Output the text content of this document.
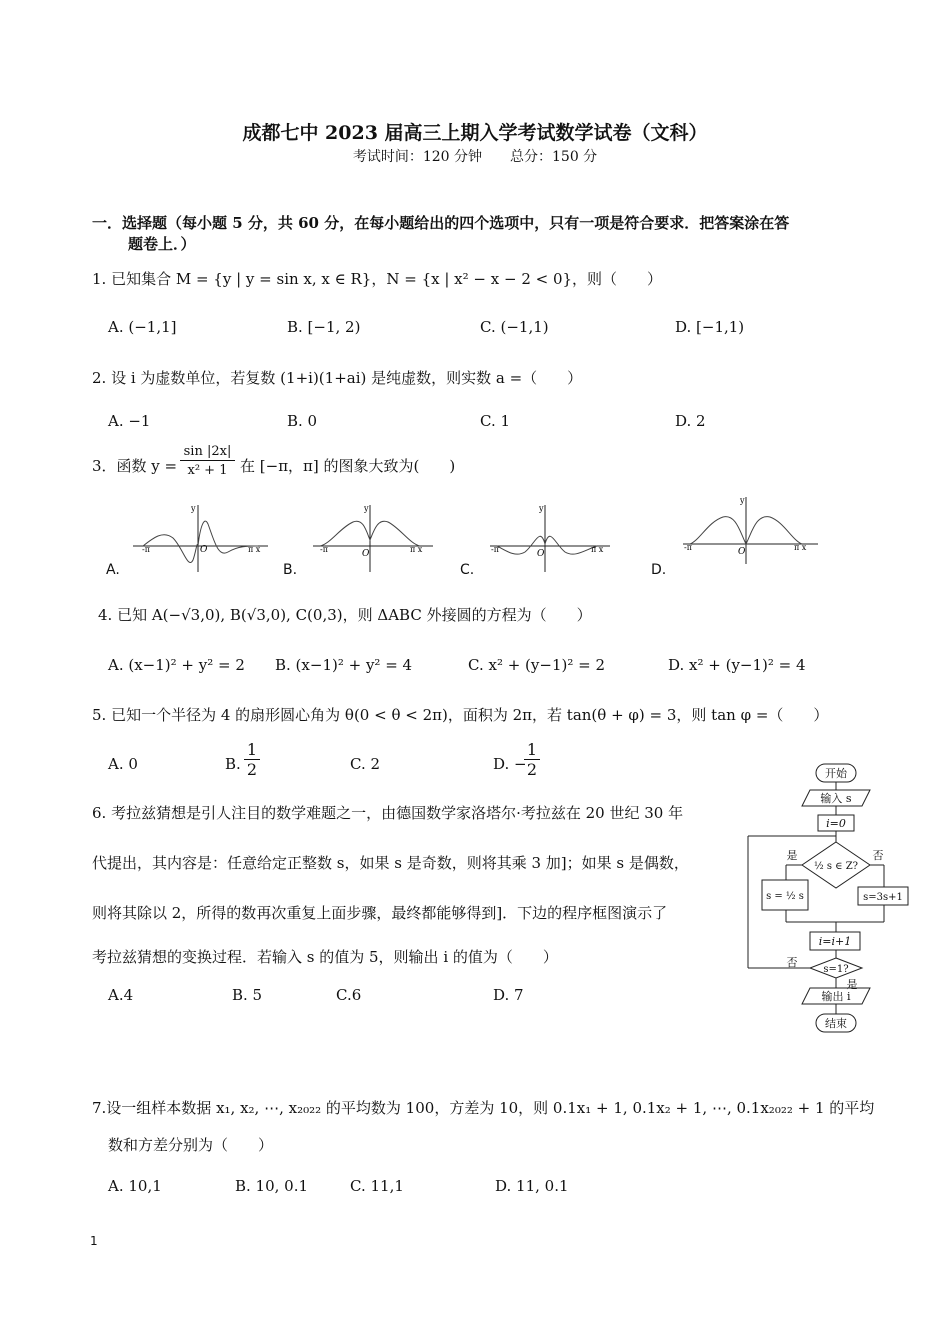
成都七中 2023 届高三上期入学考试数学试卷（文科）
考试时间：120 分钟　　总分：150 分
一．选择题（每小题 5 分，共 60 分，在每小题给出的四个选项中，只有一项是符合要求．把答案涂在答
题卷上．）
1. 已知集合 M = {y | y = sin x, x ∈ R}，N = {x | x² − x − 2 < 0}，则（　　）
A. (−1,1]	B. [−1, 2)	C. (−1,1)	D. [−1,1)
2. 设 i 为虚数单位，若复数 (1+i)(1+ai) 是纯虚数，则实数 a =（　　）
A. −1	B. 0	C. 1	D. 2
3．函数 $y = \frac{\sin |2x|}{\text{x² + 1}}$ 在 [−π，π] 的图象大致为(　　)
y
O
-π	π x
y
O
-π	π x
y
O
-π	π x
y
O
-π	π x
A.	B.	C.	D.
4. 已知 A(−√3,0), B(√3,0), C(0,3)，则 ΔABC 外接圆的方程为（　　）
A. (x−1)² + y² = 2 B. (x−1)² + y² = 4	C. x² + (y−1)² = 2	D. x² + (y−1)² = 4
5. 已知一个半径为 4 的扇形圆心角为 θ(0 < θ < 2π)，面积为 2π，若 tan(θ + φ) = 3，则 tan φ =（　　）
A. 0	B. $\frac{1}{2}$	C. 2	D. −
$\frac{1}{2}$
6. 考拉兹猜想是引人注目的数学难题之一，由德国数学家洛塔尔·考拉兹在 20 世纪 30 年
代提出，其内容是：任意给定正整数 s，如果 s 是奇数，则将其乘 3 加]；如果 s 是偶数，
则将其除以 2，所得的数再次重复上面步骤，最终都能够得到]．下边的程序框图演示了
考拉兹猜想的变换过程．若输入 s 的值为 5，则输出 i 的值为（　　）
A.4	B. 5	C.6	D. 7
开始
输入 s
i=0
是	否
½ s ∈ Z?
s = ½ s	s=3s+1
i=i+1
s=1?
否
是
输出 i
结束
7.设一组样本数据 x₁, x₂, ⋯, x₂₀₂₂ 的平均数为 100，方差为 10，则 0.1x₁ + 1, 0.1x₂ + 1, ⋯, 0.1x₂₀₂₂ + 1 的平均
数和方差分别为（　　）
A. 10,1	B. 10, 0.1	C. 11,1	D. 11, 0.1
1
